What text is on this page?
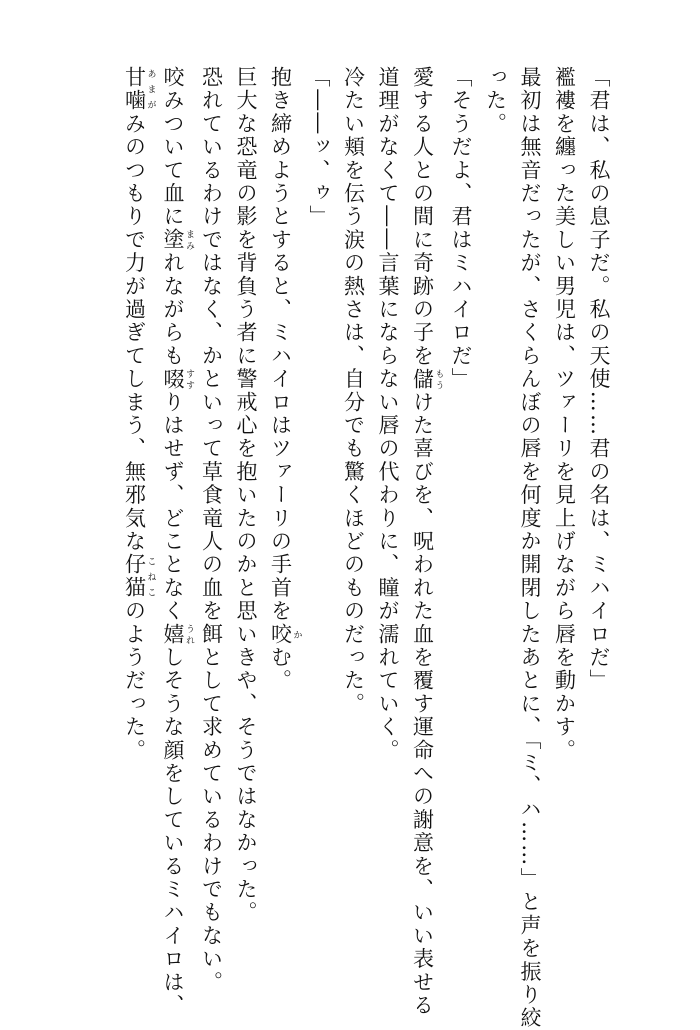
「君は、私の息子だ。私の天使……君の名は、ミハイロだ」
襤褸を纏った美しい男児は、ツァーリを見上げながら唇を動かす。
最初は無音だったが、さくらんぼの唇を何度か開閉したあとに、「ミ、ハ……」と声を振り絞
った。
「そうだよ、君はミハイロだ」
愛する人との間に奇跡の子を儲 もうけた喜びを、呪われた血を覆す運命への謝意を、いい表せる
道理がなくて――言葉にならない唇の代わりに、瞳が濡れていく。
冷たい頬を伝う涙の熱さは、自分でも驚くほどのものだった。
「――ッ、ゥ」
抱き締めようとすると、ミハイロはツァーリの手首を咬 かむ。
巨大な恐竜の影を背負う者に警戒心を抱いたのかと思いきや、そうではなかった。
恐れているわけではなく、かといって草食竜人の血を餌として求めているわけでもない。
咬みついて血に塗 まみれながらも啜 すすりはせず、どことなく嬉 うれしそうな顔をしているミハイロは、
甘噛 あまがみのつもりで力が過ぎてしまう、無邪気な仔猫 こねこのようだった。
